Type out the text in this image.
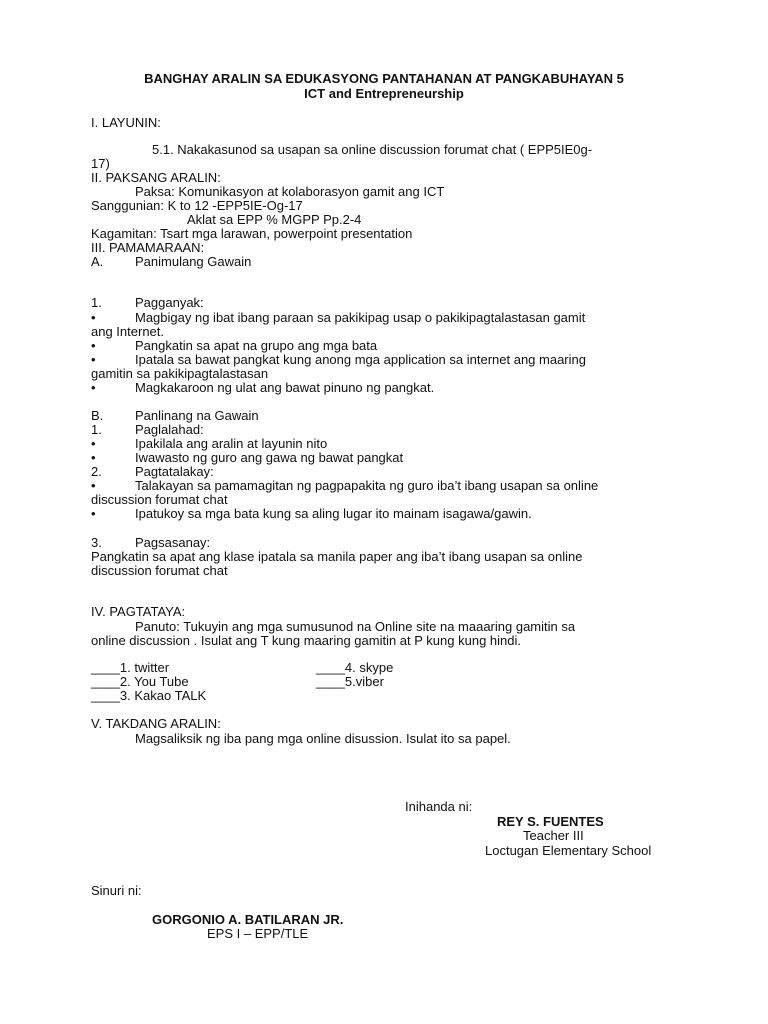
BANGHAY ARALIN SA EDUKASYONG PANTAHANAN AT PANGKABUHAYAN 5
ICT and Entrepreneurship
I. LAYUNIN:
5.1. Nakakasunod sa usapan sa online discussion forumat chat ( EPP5IE0g-
17)
II. PAKSANG ARALIN:
Paksa: Komunikasyon at kolaborasyon gamit ang ICT
Sanggunian: K to 12 -EPP5IE-Og-17
Aklat sa EPP % MGPP Pp.2-4
Kagamitan: Tsart mga larawan, powerpoint presentation
III. PAMAMARAAN:
A. Panimulang Gawain
1.	Pagganyak:
•	Magbigay ng ibat ibang paraan sa pakikipag usap o pakikipagtalastasan gamit
ang Internet.
•	Pangkatin sa apat na grupo ang mga bata
•	Ipatala sa bawat pangkat kung anong mga application sa internet ang maaring
gamitin sa pakikipagtalastasan
•	Magkakaroon ng ulat ang bawat pinuno ng pangkat.
B. Panlinang na Gawain
1.	Paglalahad:
•	Ipakilala ang aralin at layunin nito
•	Iwawasto ng guro ang gawa ng bawat pangkat
2.	Pagtatalakay:
•	Talakayan sa pamamagitan ng pagpapakita ng guro iba’t ibang usapan sa online
discussion forumat chat
•	Ipatukoy sa mga bata kung sa aling lugar ito mainam isagawa/gawin.
3.	Pagsasanay:
Pangkatin sa apat ang klase ipatala sa manila paper ang iba’t ibang usapan sa online
discussion forumat chat
IV. PAGTATAYA:
Panuto: Tukuyin ang mga sumusunod na Online site na maaaring gamitin sa
online discussion . Isulat ang T kung maaring gamitin at P kung kung hindi.
____1. twitter	____4. skype
____2. You Tube	____5.viber
____3. Kakao TALK
V. TAKDANG ARALIN:
Magsaliksik ng iba pang mga online disussion. Isulat ito sa papel.
Inihanda ni:
REY S. FUENTES
Teacher III
Loctugan Elementary School
Sinuri ni:
GORGONIO A. BATILARAN JR.
EPS I – EPP/TLE
